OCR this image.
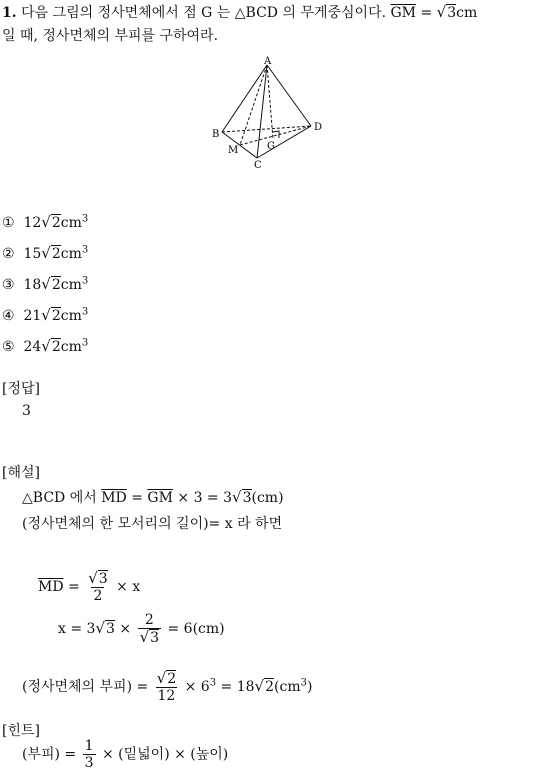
1. 다음 그림의 정사면체에서 점 G 는 △BCD 의 무게중심이다. $\overline{GM} = √3cm$
일 때, 정사면체의 부피를 구하여라.
A
B
C
D
M	G
① $12√2cm^3$
② $15√2cm^3$
③ $18√2cm^3$
④ $21√2cm^3$
⑤ $24√2cm^3$
[정답]
3
[해설]
△BCD 에서 $\overline{MD} = \overline{GM} \times 3 = 3√3(cm)$
(정사면체의 한 모서리의 길이)= x 라 하면
$\overline{MD} = \frac{√3}{2} \times x$
$x = 3√3 \times \frac{2}{√3} = 6(cm)$
(정사면체의 부피) = $\frac{√2}{12} \times 6^3 = 18√2(cm^3)$
[힌트]
(부피) = $\frac{1}{3}$ × (밑넓이) × (높이)
